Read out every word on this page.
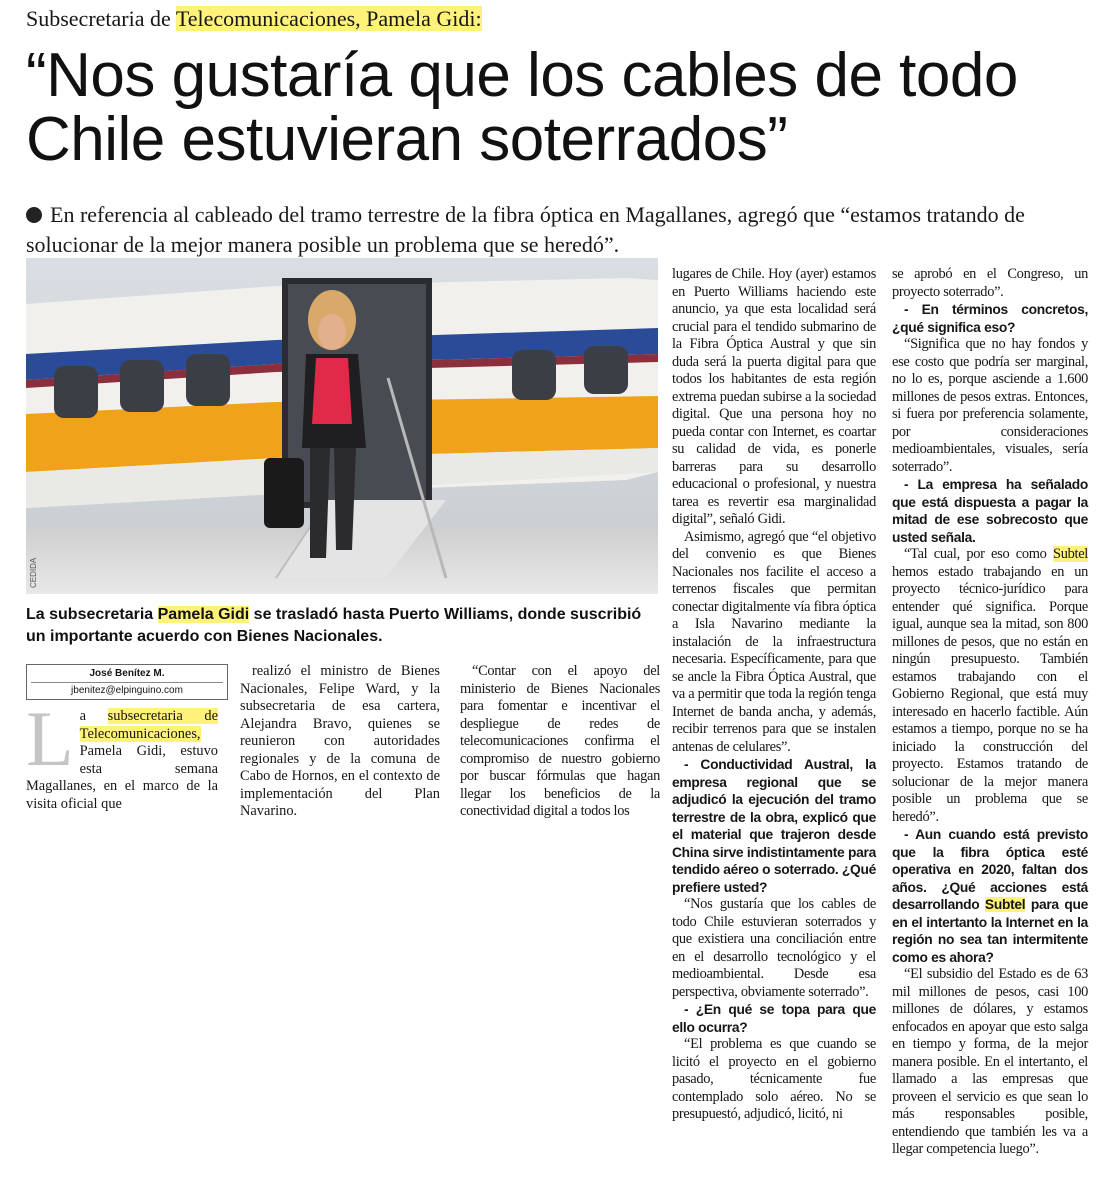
Subsecretaria de Telecomunicaciones, Pamela Gidi:
“Nos gustaría que los cables de todo Chile estuvieran soterrados”
En referencia al cableado del tramo terrestre de la fibra óptica en Magallanes, agregó que “estamos tratando de solucionar de la mejor manera posible un problema que se heredó”.
CEDIDA
La subsecretaria Pamela Gidi se trasladó hasta Puerto Williams, donde suscribió un importante acuerdo con Bienes Nacionales.
José Benítez M.
jbenitez@elpinguino.com
La subsecretaria de Telecomunicaciones, Pamela Gidi, estuvo esta semana Magallanes, en el marco de la visita oficial que

realizó el ministro de Bienes Nacionales, Felipe Ward, y la subsecretaria de esa cartera, Alejandra Bravo, quienes se reunieron con autoridades regionales y de la comuna de Cabo de Hornos, en el contexto de implementación del Plan Navarino.

“Contar con el apoyo del ministerio de Bienes Nacionales para fomentar e incentivar el despliegue de redes de telecomunicaciones confirma el compromiso de nuestro gobierno por buscar fórmulas que hagan llegar los beneficios de la conectividad digital a todos los

lugares de Chile. Hoy (ayer) estamos en Puerto Williams haciendo este anuncio, ya que esta localidad será crucial para el tendido submarino de la Fibra Óptica Austral y que sin duda será la puerta digital para que todos los habitantes de esta región extrema puedan subirse a la sociedad digital. Que una persona hoy no pueda contar con Internet, es coartar su calidad de vida, es ponerle barreras para su desarrollo educacional o profesional, y nuestra tarea es revertir esa marginalidad digital”, señaló Gidi.

Asimismo, agregó que “el objetivo del convenio es que Bienes Nacionales nos facilite el acceso a terrenos fiscales que permitan conectar digitalmente vía fibra óptica a Isla Navarino mediante la instalación de la infraestructura necesaria. Específicamente, para que se ancle la Fibra Óptica Austral, que va a permitir que toda la región tenga Internet de banda ancha, y además, recibir terrenos para que se instalen antenas de celulares”.

- Conductividad Austral, la empresa regional que se adjudicó la ejecución del tramo terrestre de la obra, explicó que el material que trajeron desde China sirve indistintamente para tendido aéreo o soterrado. ¿Qué prefiere usted?

“Nos gustaría que los cables de todo Chile estuvieran soterrados y que existiera una conciliación entre en el desarrollo tecnológico y el medioambiental. Desde esa perspectiva, obviamente soterrado”.

- ¿En qué se topa para que ello ocurra?

“El problema es que cuando se licitó el proyecto en el gobierno pasado, técnicamente fue contemplado solo aéreo. No se presupuestó, adjudicó, licitó, ni

se aprobó en el Congreso, un proyecto soterrado”.

- En términos concretos, ¿qué significa eso?

“Significa que no hay fondos y ese costo que podría ser marginal, no lo es, porque asciende a 1.600 millones de pesos extras. Entonces, si fuera por preferencia solamente, por consideraciones medioambientales, visuales, sería soterrado”.

- La empresa ha señalado que está dispuesta a pagar la mitad de ese sobrecosto que usted señala.

“Tal cual, por eso como Subtel hemos estado trabajando en un proyecto técnico-jurídico para entender qué significa. Porque igual, aunque sea la mitad, son 800 millones de pesos, que no están en ningún presupuesto. También estamos trabajando con el Gobierno Regional, que está muy interesado en hacerlo factible. Aún estamos a tiempo, porque no se ha iniciado la construcción del proyecto. Estamos tratando de solucionar de la mejor manera posible un problema que se heredó”.

- Aun cuando está previsto que la fibra óptica esté operativa en 2020, faltan dos años. ¿Qué acciones está desarrollando Subtel para que en el intertanto la Internet en la región no sea tan intermitente como es ahora?

“El subsidio del Estado es de 63 mil millones de pesos, casi 100 millones de dólares, y estamos enfocados en apoyar que esto salga en tiempo y forma, de la mejor manera posible. En el intertanto, el llamado a las empresas que proveen el servicio es que sean lo más responsables posible, entendiendo que también les va a llegar competencia luego”.
